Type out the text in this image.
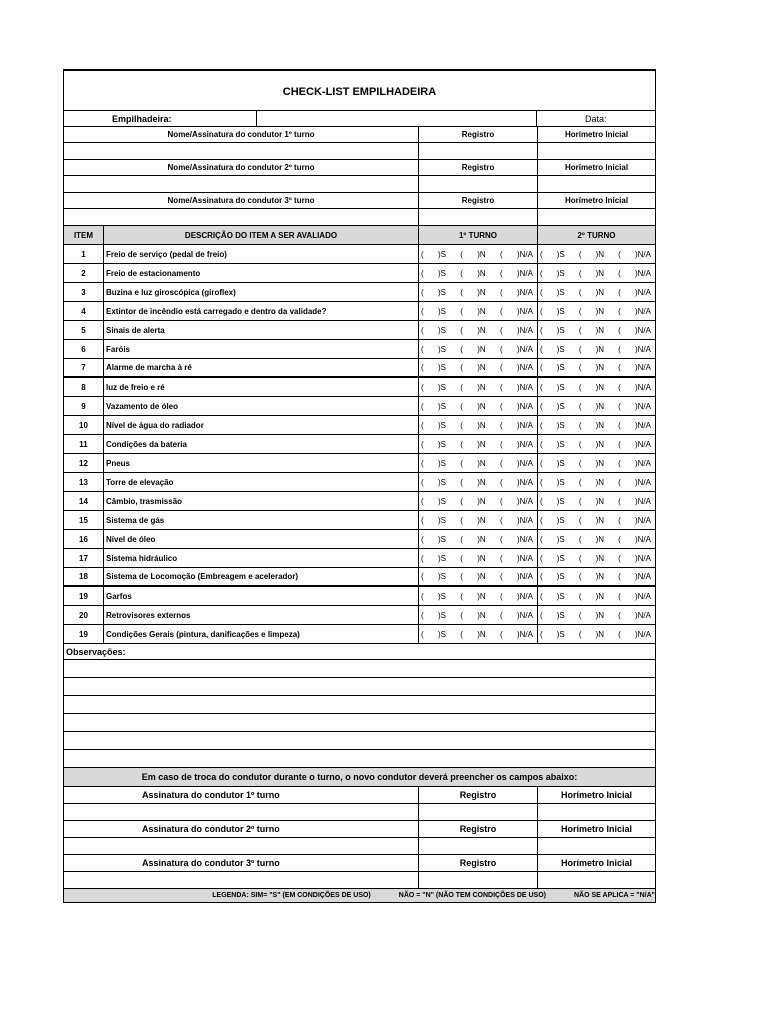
CHECK-LIST EMPILHADEIRA
Empilhadeira:	Data:
Nome/Assinatura do condutor 1º turno	Registro	Horímetro Inicial
Nome/Assinatura do condutor 2º turno	Registro	Horímetro Inicial
Nome/Assinatura do condutor 3º turno	Registro	Horímetro Inicial
ITEM	DESCRIÇÃO DO ITEM A SER AVALIADO	1º TURNO	2º TURNO
1	Freio de serviço (pedal de freio)	( )S ( )N ( )N/A ( )S ( )N ( )N/A
2	Freio de estacionamento	( )S ( )N ( )N/A ( )S ( )N ( )N/A
3	Buzina e luz giroscópica (giroflex)	( )S ( )N ( )N/A ( )S ( )N ( )N/A
4	Extintor de incêndio está carregado e dentro da validade?	( )S ( )N ( )N/A ( )S ( )N ( )N/A
5	Sinais de alerta	( )S ( )N ( )N/A ( )S ( )N ( )N/A
6	Faróis	( )S ( )N ( )N/A ( )S ( )N ( )N/A
7	Alarme de marcha à ré	( )S ( )N ( )N/A ( )S ( )N ( )N/A
8	luz de freio e ré	( )S ( )N ( )N/A ( )S ( )N ( )N/A
9	Vazamento de óleo	( )S ( )N ( )N/A ( )S ( )N ( )N/A
10	Nível de água do radiador	( )S ( )N ( )N/A ( )S ( )N ( )N/A
11	Condições da bateria	( )S ( )N ( )N/A ( )S ( )N ( )N/A
12	Pneus	( )S ( )N ( )N/A ( )S ( )N ( )N/A
13	Torre de elevação	( )S ( )N ( )N/A ( )S ( )N ( )N/A
14	Câmbio, trasmissão	( )S ( )N ( )N/A ( )S ( )N ( )N/A
15	Sistema de gás	( )S ( )N ( )N/A ( )S ( )N ( )N/A
16	Nível de óleo	( )S ( )N ( )N/A ( )S ( )N ( )N/A
17	Sistema hidráulico	( )S ( )N ( )N/A ( )S ( )N ( )N/A
18	Sistema de Locomoção (Embreagem e acelerador)	( )S ( )N ( )N/A ( )S ( )N ( )N/A
19	Garfos	( )S ( )N ( )N/A ( )S ( )N ( )N/A
20	Retrovisores externos	( )S ( )N ( )N/A ( )S ( )N ( )N/A
19	Condições Gerais (pintura, danificações e limpeza)	( )S ( )N ( )N/A ( )S ( )N ( )N/A
Observações:
Em caso de troca do condutor durante o turno, o novo condutor deverá preencher os campos abaixo:
Assinatura do condutor 1º turno	Registro	Horímetro Inicial
Assinatura do condutor 2º turno	Registro	Horímetro Inicial
Assinatura do condutor 3º turno	Registro	Horímetro Inicial
LEGENDA: SIM= "S" (EM CONDIÇÕES DE USO)	NÃO = "N" (NÃO TEM CONDIÇÕES DE USO)	NÃO SE APLICA = "N/A"
